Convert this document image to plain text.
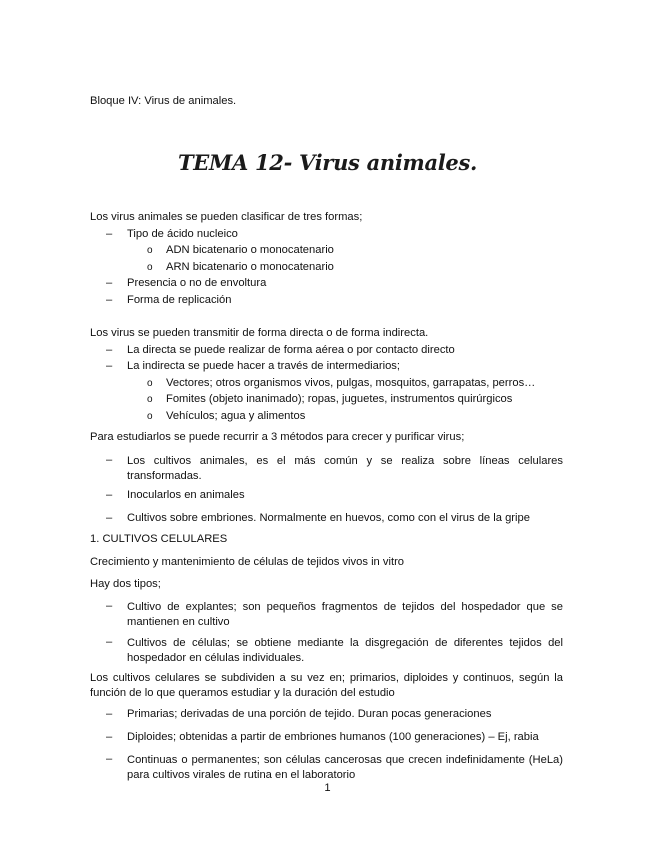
Bloque IV: Virus de animales.
TEMA 12- Virus animales.
Los virus animales se pueden clasificar de tres formas;
– Tipo de ácido nucleico
o ADN bicatenario o monocatenario
o ARN bicatenario o monocatenario
– Presencia o no de envoltura
– Forma de replicación
Los virus se pueden transmitir de forma directa o de forma indirecta.
– La directa se puede realizar de forma aérea o por contacto directo
– La indirecta se puede hacer a través de intermediarios;
o Vectores; otros organismos vivos, pulgas, mosquitos, garrapatas, perros…
o Fomites (objeto inanimado); ropas, juguetes, instrumentos quirúrgicos
o Vehículos; agua y alimentos
Para estudiarlos se puede recurrir a 3 métodos para crecer y purificar virus;
– Los cultivos animales, es el más común y se realiza sobre líneas celulares transformadas.
– Inocularlos en animales
– Cultivos sobre embriones. Normalmente en huevos, como con el virus de la gripe
1. CULTIVOS CELULARES
Crecimiento y mantenimiento de células de tejidos vivos in vitro
Hay dos tipos;
– Cultivo de explantes; son pequeños fragmentos de tejidos del hospedador que se mantienen en cultivo
– Cultivos de células; se obtiene mediante la disgregación de diferentes tejidos del hospedador en células individuales.
Los cultivos celulares se subdividen a su vez en; primarios, diploides y continuos, según la función de lo que queramos estudiar y la duración del estudio
– Primarias; derivadas de una porción de tejido. Duran pocas generaciones
– Diploides; obtenidas a partir de embriones humanos (100 generaciones) – Ej, rabia
– Continuas o permanentes; son células cancerosas que crecen indefinidamente (HeLa) para cultivos virales de rutina en el laboratorio
1
